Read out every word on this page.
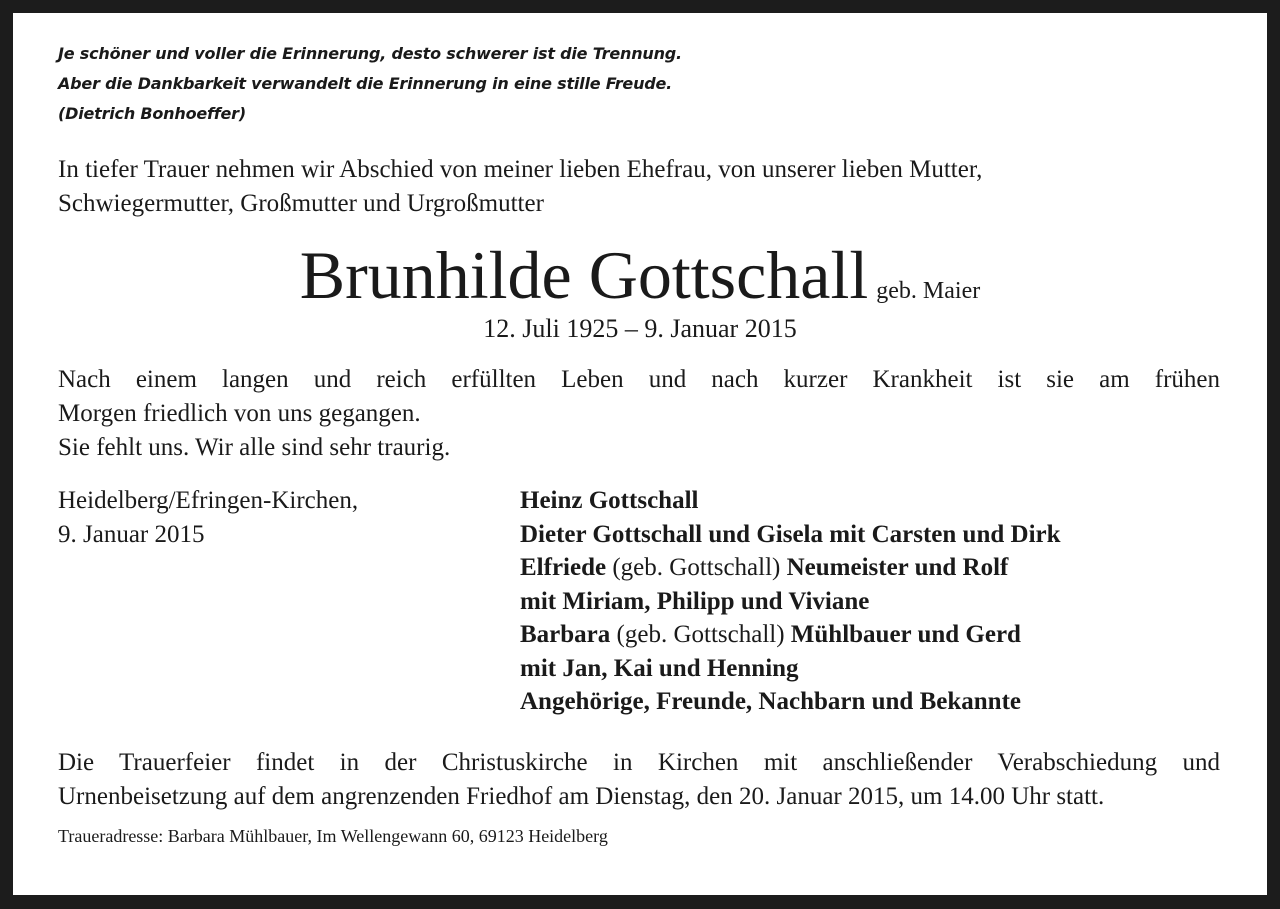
Je schöner und voller die Erinnerung, desto schwerer ist die Trennung.
Aber die Dankbarkeit verwandelt die Erinnerung in eine stille Freude.
(Dietrich Bonhoeffer)
In tiefer Trauer nehmen wir Abschied von meiner lieben Ehefrau, von unserer lieben Mutter,
Schwiegermutter, Großmutter und Urgroßmutter
Brunhilde Gottschall geb. Maier
12. Juli 1925 – 9. Januar 2015
Nach einem langen und reich erfüllten Leben und nach kurzer Krankheit ist sie am frühen
Morgen friedlich von uns gegangen.
Sie fehlt uns. Wir alle sind sehr traurig.
Heidelberg/Efringen-Kirchen,
9. Januar 2015
Heinz Gottschall
Dieter Gottschall und Gisela mit Carsten und Dirk
Elfriede (geb. Gottschall) Neumeister und Rolf
mit Miriam, Philipp und Viviane
Barbara (geb. Gottschall) Mühlbauer und Gerd
mit Jan, Kai und Henning
Angehörige, Freunde, Nachbarn und Bekannte
Die Trauerfeier findet in der Christuskirche in Kirchen mit anschließender Verabschiedung und
Urnenbeisetzung auf dem angrenzenden Friedhof am Dienstag, den 20. Januar 2015, um 14.00 Uhr statt.
Traueradresse: Barbara Mühlbauer, Im Wellengewann 60, 69123 Heidelberg
